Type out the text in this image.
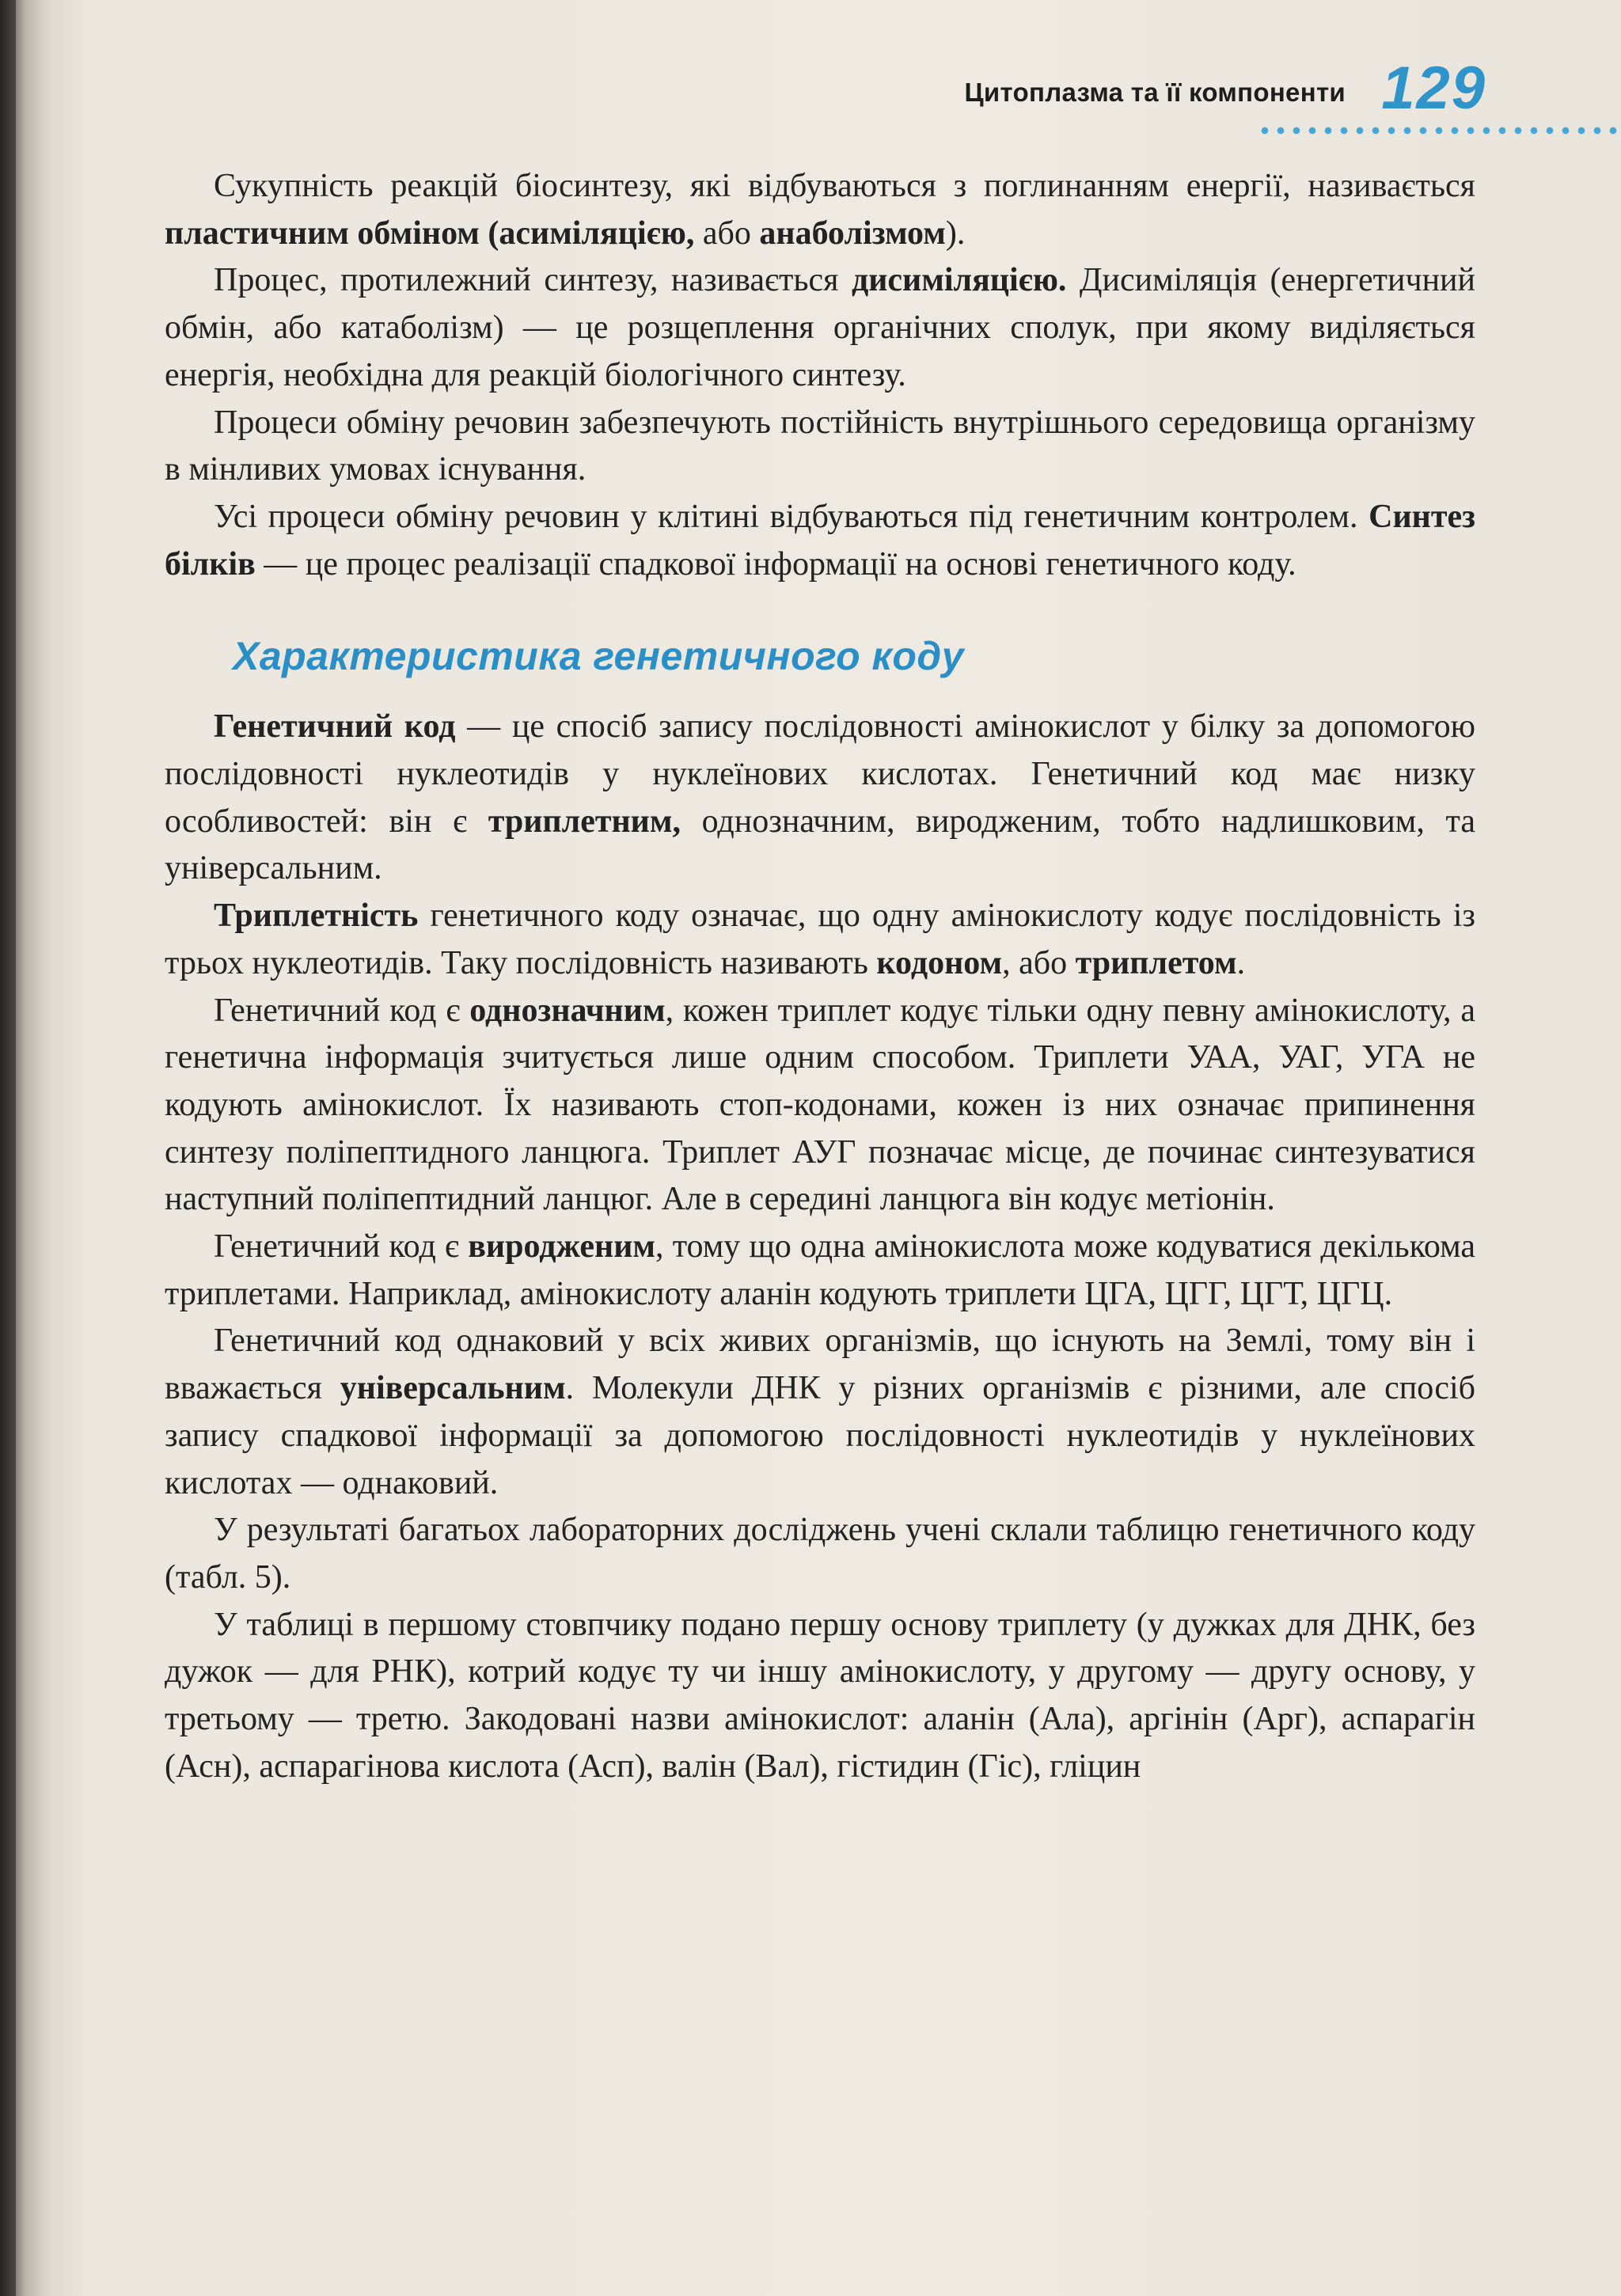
Цитоплазма та її компоненти 129

Сукупність реакцій біосинтезу, які відбуваються з поглинанням енергії, називається пластичним обміном (асиміляцією, або анаболізмом).

Процес, протилежний синтезу, називається дисиміляцією. Дисиміляція (енергетичний обмін, або катаболізм) — це розщеплення органічних сполук, при якому виділяється енергія, необхідна для реакцій біологічного синтезу.

Процеси обміну речовин забезпечують постійність внутрішнього середовища організму в мінливих умовах існування.

Усі процеси обміну речовин у клітині відбуваються під генетичним контролем. Синтез білків — це процес реалізації спадкової інформації на основі генетичного коду.

Характеристика генетичного коду

Генетичний код — це спосіб запису послідовності амінокислот у білку за допомогою послідовності нуклеотидів у нуклеїнових кислотах. Генетичний код має низку особливостей: він є триплетним, однозначним, виродженим, тобто надлишковим, та універсальним.

Триплетність генетичного коду означає, що одну амінокислоту кодує послідовність із трьох нуклеотидів. Таку послідовність називають кодоном, або триплетом.

Генетичний код є однозначним, кожен триплет кодує тільки одну певну амінокислоту, а генетична інформація зчитується лише одним способом. Триплети УАА, УАГ, УГА не кодують амінокислот. Їх називають стоп-кодонами, кожен із них означає припинення синтезу поліпептидного ланцюга. Триплет АУГ позначає місце, де починає синтезуватися наступний поліпептидний ланцюг. Але в середині ланцюга він кодує метіонін.

Генетичний код є виродженим, тому що одна амінокислота може кодуватися декількома триплетами. Наприклад, амінокислоту аланін кодують триплети ЦГА, ЦГГ, ЦГТ, ЦГЦ.

Генетичний код однаковий у всіх живих організмів, що існують на Землі, тому він і вважається універсальним. Молекули ДНК у різних організмів є різними, але спосіб запису спадкової інформації за допомогою послідовності нуклеотидів у нуклеїнових кислотах — однаковий.

У результаті багатьох лабораторних досліджень учені склали таблицю генетичного коду (табл. 5).

У таблиці в першому стовпчику подано першу основу триплету (у дужках для ДНК, без дужок — для РНК), котрий кодує ту чи іншу амінокислоту, у другому — другу основу, у третьому — третю. Закодовані назви амінокислот: аланін (Ала), аргінін (Арг), аспарагін (Асн), аспарагінова кислота (Асп), валін (Вал), гістидин (Гіс), гліцин
